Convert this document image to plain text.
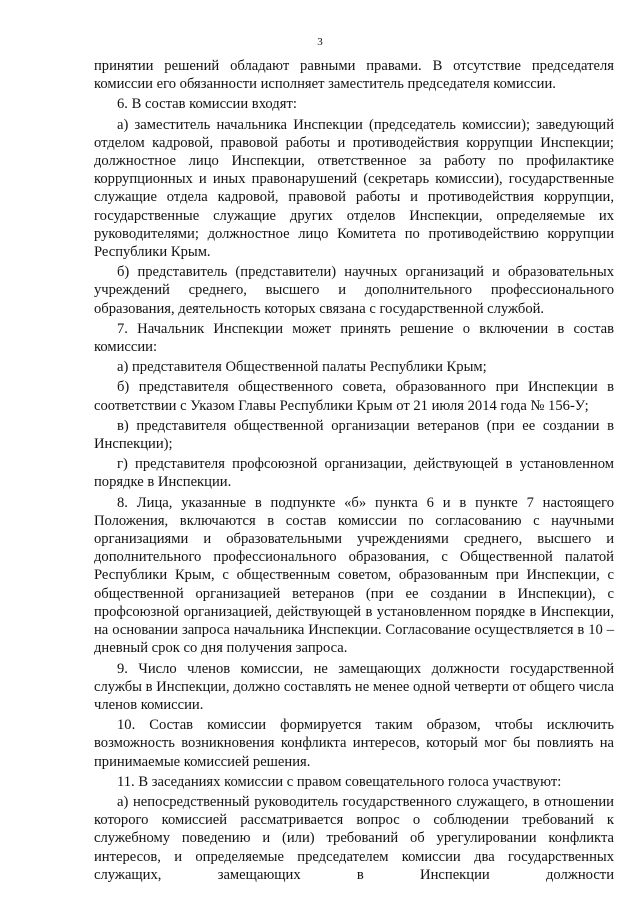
3

принятии решений обладают равными правами. В отсутствие председателя комиссии его обязанности исполняет заместитель председателя комиссии.

6. В состав комиссии входят:

а) заместитель начальника Инспекции (председатель комиссии); заведующий отделом кадровой, правовой работы и противодействия коррупции Инспекции; должностное лицо Инспекции, ответственное за работу по профилактике коррупционных и иных правонарушений (секретарь комиссии), государственные служащие отдела кадровой, правовой работы и противодействия коррупции, государственные служащие других отделов Инспекции, определяемые их руководителями; должностное лицо Комитета по противодействию коррупции Республики Крым.

б) представитель (представители) научных организаций и образовательных учреждений среднего, высшего и дополнительного профессионального образования, деятельность которых связана с государственной службой.

7. Начальник Инспекции может принять решение о включении в состав комиссии:

а) представителя Общественной палаты Республики Крым;

б) представителя общественного совета, образованного при Инспекции в соответствии с Указом Главы Республики Крым от 21 июля 2014 года № 156-У;

в) представителя общественной организации ветеранов (при ее создании в Инспекции);

г) представителя профсоюзной организации, действующей в установленном порядке в Инспекции.

8. Лица, указанные в подпункте «б» пункта 6 и в пункте 7 настоящего Положения, включаются в состав комиссии по согласованию с научными организациями и образовательными учреждениями среднего, высшего и дополнительного профессионального образования, с Общественной палатой Республики Крым, с общественным советом, образованным при Инспекции, с общественной организацией ветеранов (при ее создании в Инспекции), с профсоюзной организацией, действующей в установленном порядке в Инспекции, на основании запроса начальника Инспекции. Согласование осуществляется в 10 – дневный срок со дня получения запроса.

9. Число членов комиссии, не замещающих должности государственной службы в Инспекции, должно составлять не менее одной четверти от общего числа членов комиссии.

10. Состав комиссии формируется таким образом, чтобы исключить возможность возникновения конфликта интересов, который мог бы повлиять на принимаемые комиссией решения.

11. В заседаниях комиссии с правом совещательного голоса участвуют:

а) непосредственный руководитель государственного служащего, в отношении которого комиссией рассматривается вопрос о соблюдении требований к служебному поведению и (или) требований об урегулировании конфликта интересов, и определяемые председателем комиссии два государственных служащих, замещающих в Инспекции должности
